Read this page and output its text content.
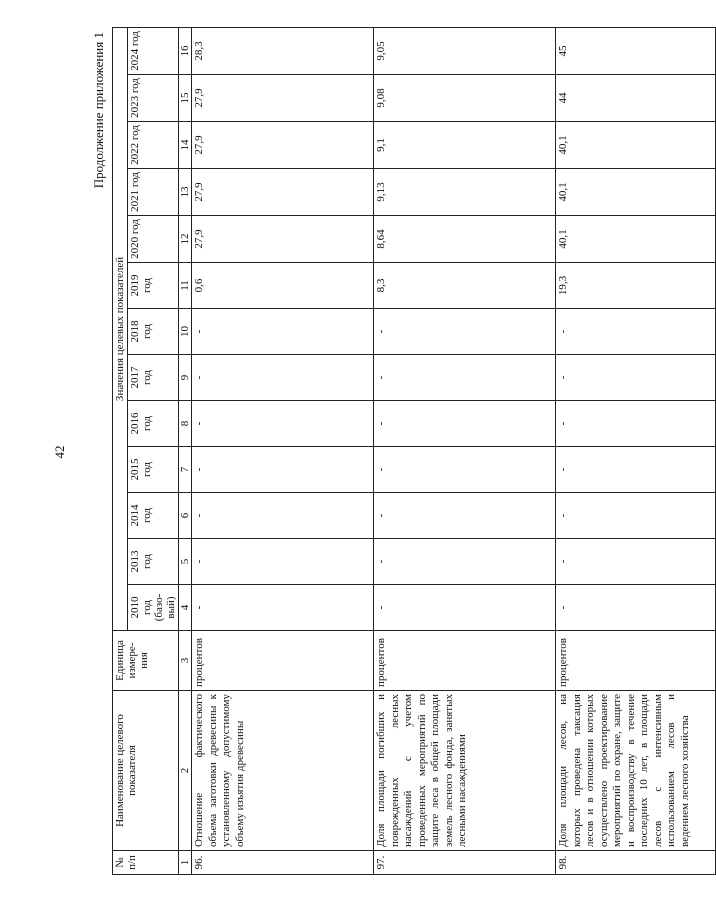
42
Продолжение приложения 1
№ п/п	Наименование целевого показателя	Единица измере- ния	Значения целевых показателей												
			2010 год (базо- вый)	2013 год	2014 год	2015 год	2016 год	2017 год	2018 год	2019 год	2020 год	2021 год	2022 год	2023 год	2024 год
1	2	3	4	5	6	7	8	9	10	11	12	13	14	15	16
96.	Отношение фактического объема заготовки древесины к установленному допустимому объему изъятия древесины	процентов	-	-	-	-	-	-	-	0,6	27,9	27,9	27,9	27,9	28,3
97.	Доля площади погибших и поврежденных лесных насаждений с учетом проведенных мероприятий по защите леса в общей площади земель лесного фонда, занятых лесными насаждениями	процентов	-	-	-	-	-	-	-	8,3	8,64	9,13	9,1	9,08	9,05
98.	Доля площади лесов, на которых проведена таксация лесов и в отношении которых осуществлено проектирование мероприятий по охране, защите и воспроизводству в течение последних 10 лет, в площади лесов с интенсивным использованием лесов и ведением лесного хозяйства	процентов	-	-	-	-	-	-	-	19,3	40,1	40,1	40,1	44	45
